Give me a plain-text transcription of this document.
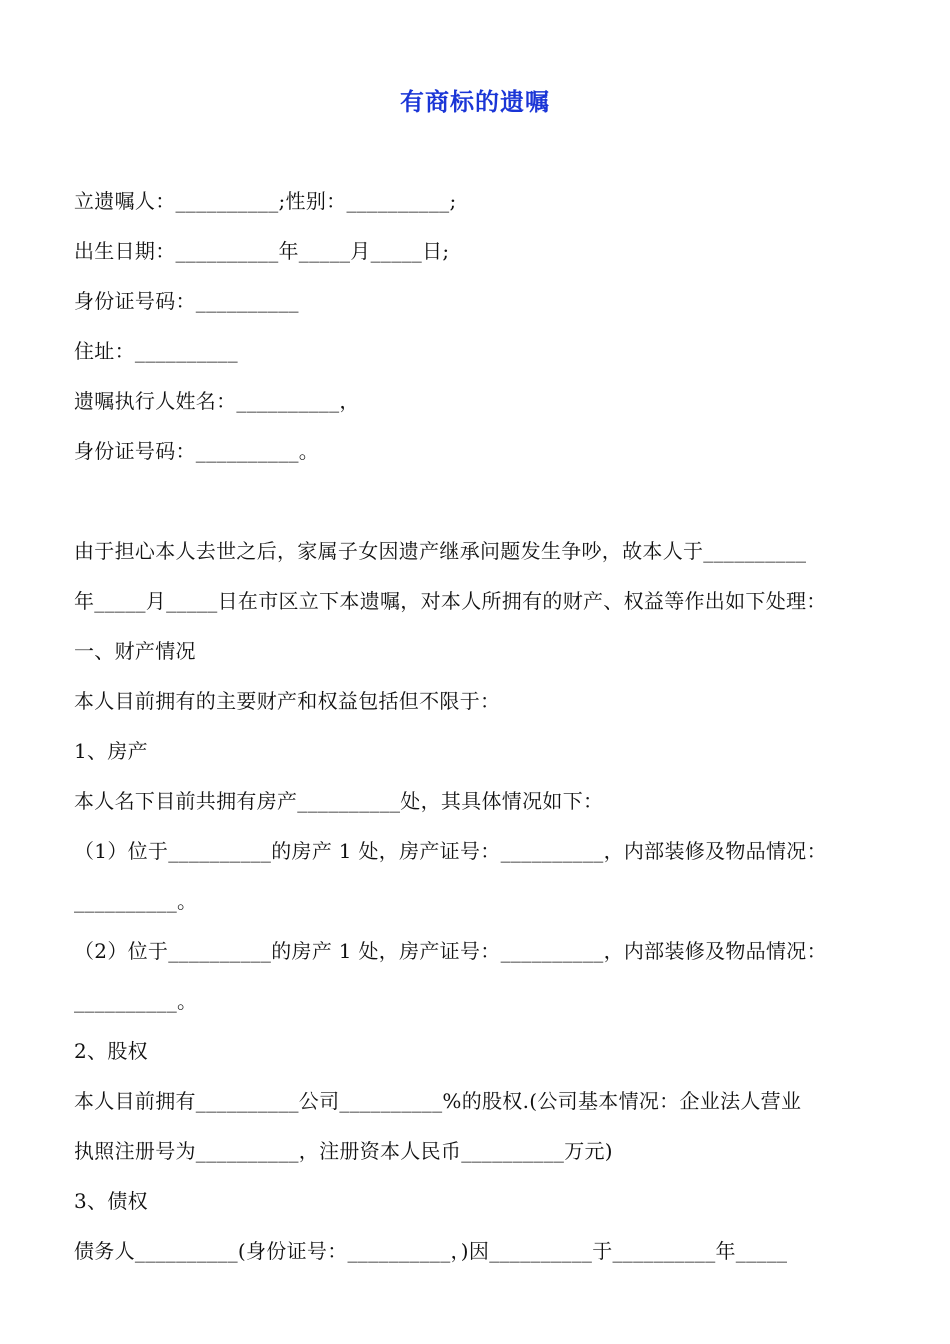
有商标的遗嘱
立遗嘱人：__________;性别：__________;
出生日期：__________年_____月_____日;
身份证号码：__________
住址：__________
遗嘱执行人姓名：__________，
身份证号码：__________。
由于担心本人去世之后，家属子女因遗产继承问题发生争吵，故本人于__________
年_____月_____日在市区立下本遗嘱，对本人所拥有的财产、权益等作出如下处理：
一、财产情况
本人目前拥有的主要财产和权益包括但不限于：
1、房产
本人名下目前共拥有房产__________处，其具体情况如下：
（1）位于__________的房产 1 处，房产证号：__________，内部装修及物品情况：
__________。
（2）位于__________的房产 1 处，房产证号：__________，内部装修及物品情况：
__________。
2、股权
本人目前拥有__________公司__________%的股权.(公司基本情况：企业法人营业
执照注册号为__________，注册资本人民币__________万元)
3、债权
债务人__________(身份证号：__________，)因__________于__________年_____
